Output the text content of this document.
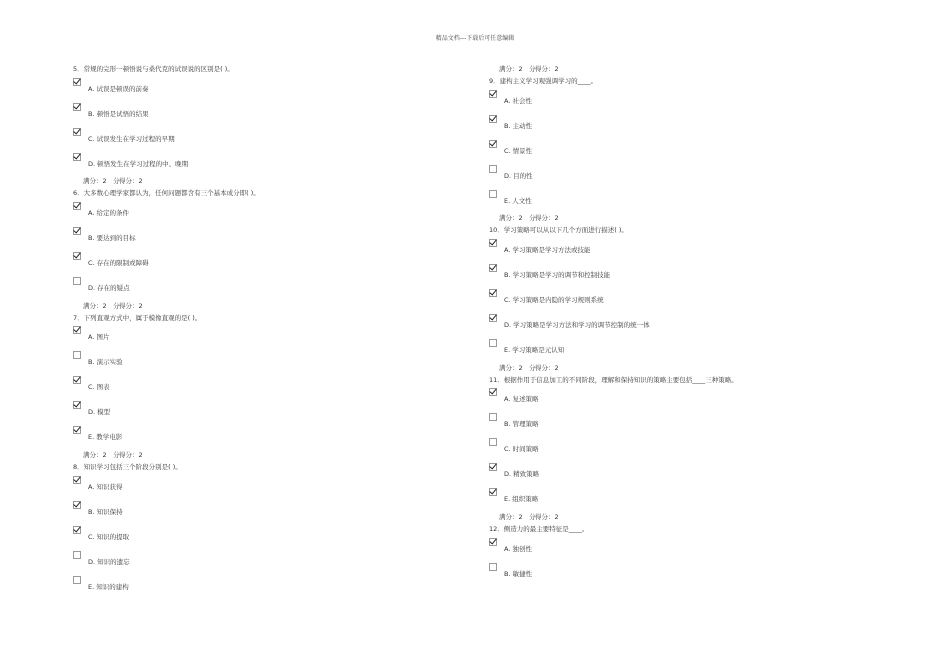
精品文档---下载后可任意编辑
5．常规的完形一顿悟说与桑代克的试误说的区别是( )。
A. 试误是顿误的前奏
B. 顿悟是试悟的结果
C. 试误发生在学习过程的早期
D. 顿悟发生在学习过程的中、晚期
满分：2　分得分：2
6．大多数心理学家都认为，任何问题都含有三个基本成分即( )。
A. 给定的条件
B. 要达到的目标
C. 存在的限制或障碍
D. 存在的疑点
满分：2　分得分：2
7．下列直观方式中，属于模像直观的是( )。
A. 图片
B. 演示实验
C. 图表
D. 模型
E. 教学电影
满分：2　分得分：2
8．知识学习包括三个阶段分别是( )。
A. 知识获得
B. 知识保持
C. 知识的提取
D. 知识的遗忘
E. 知识的建构
满分：2　分得分：2
9．建构主义学习观强调学习的____。
A. 社会性
B. 主动性
C. 情景性
D. 目的性
E. 人文性
满分：2　分得分：2
10．学习策略可以从以下几个方面进行描述( )。
A. 学习策略是学习方法或技能
B. 学习策略是学习的调节和控制技能
C. 学习策略是内隐的学习规则系统
D. 学习策略是学习方法和学习的调节控制的统一体
E. 学习策略是元认知
满分：2　分得分：2
11．根据作用于信息加工的不同阶段，理解和保持知识的策略主要包括____三种策略。
A. 复述策略
B. 管理策略
C. 时间策略
D. 精致策略
E. 组织策略
满分：2　分得分：2
12．侧造力的最主要特征是____。
A. 独创性
B. 敏捷性
